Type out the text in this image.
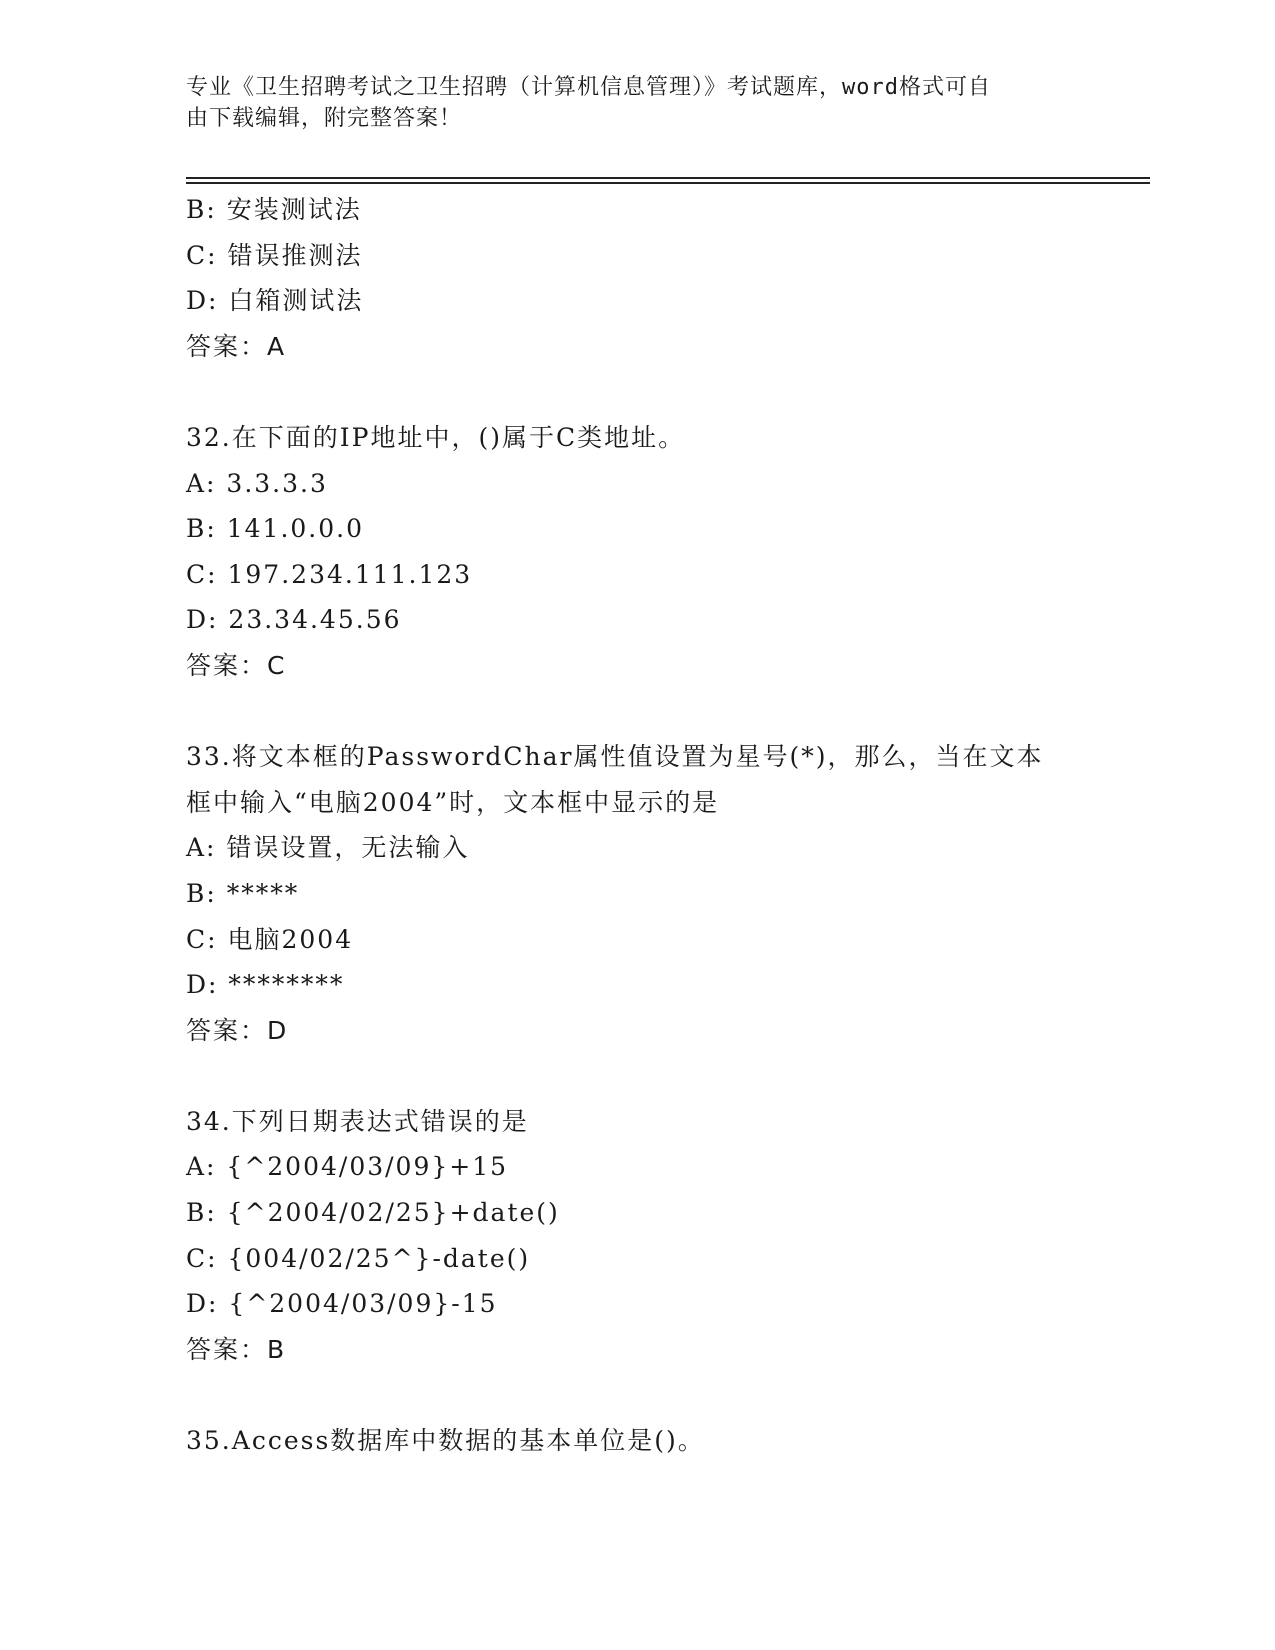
专业《卫生招聘考试之卫生招聘（计算机信息管理）》考试题库，word格式可自
由下载编辑，附完整答案！
B: 安装测试法
C: 错误推测法
D: 白箱测试法
答案：A
32.在下面的IP地址中，()属于C类地址。
A: 3.3.3.3
B: 141.0.0.0
C: 197.234.111.123
D: 23.34.45.56
答案：C
33.将文本框的PasswordChar属性值设置为星号(*)，那么，当在文本
框中输入“电脑2004”时，文本框中显示的是
A: 错误设置，无法输入
B: *****
C: 电脑2004
D: ********
答案：D
34.下列日期表达式错误的是
A: {^2004/03/09}+15
B: {^2004/02/25}+date()
C: {004/02/25^}-date()
D: {^2004/03/09}-15
答案：B
35.Access数据库中数据的基本单位是()。
